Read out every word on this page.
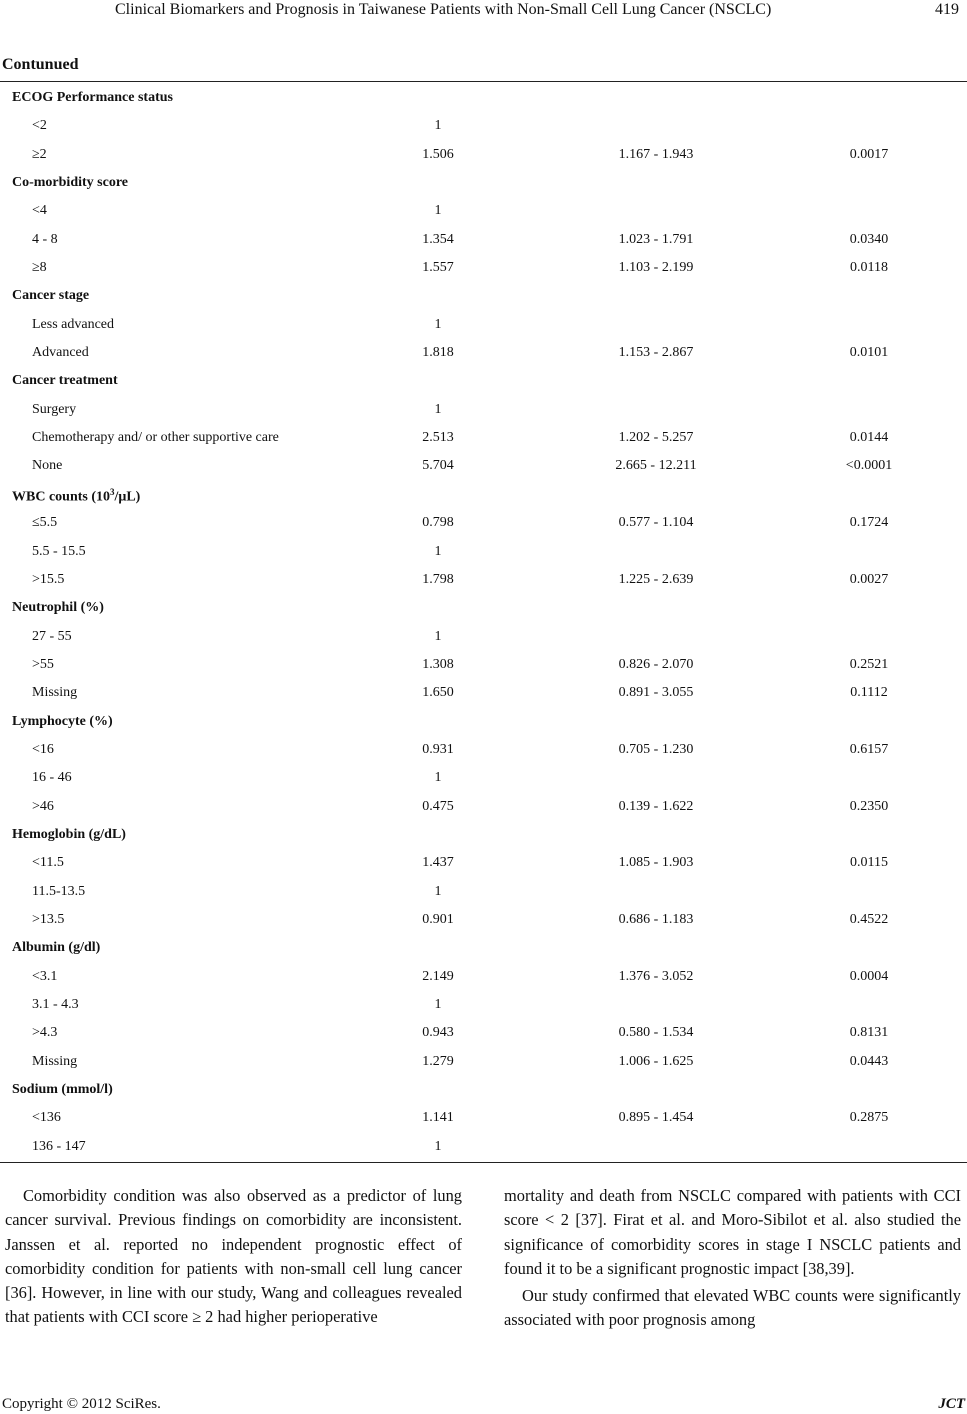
Clinical Biomarkers and Prognosis in Taiwanese Patients with Non-Small Cell Lung Cancer (NSCLC)	419
Contunued
ECOG Performance status
<2	1
≥2	1.506	1.167 - 1.943	0.0017
Co-morbidity score
<4	1
4 - 8	1.354	1.023 - 1.791	0.0340
≥8	1.557	1.103 - 2.199	0.0118
Cancer stage
Less advanced	1
Advanced	1.818	1.153 - 2.867	0.0101
Cancer treatment
Surgery	1
Chemotherapy and/ or other supportive care	2.513	1.202 - 5.257	0.0144
None	5.704	2.665 - 12.211	<0.0001
WBC counts $(10^3/\mu L)$
≤5.5	0.798	0.577 - 1.104	0.1724
5.5 - 15.5	1
>15.5	1.798	1.225 - 2.639	0.0027
Neutrophil (%)
27 - 55	1
>55	1.308	0.826 - 2.070	0.2521
Missing	1.650	0.891 - 3.055	0.1112
Lymphocyte (%)
<16	0.931	0.705 - 1.230	0.6157
16 - 46	1
>46	0.475	0.139 - 1.622	0.2350
Hemoglobin (g/dL)
<11.5	1.437	1.085 - 1.903	0.0115
11.5-13.5	1
>13.5	0.901	0.686 - 1.183	0.4522
Albumin (g/dl)
<3.1	2.149	1.376 - 3.052	0.0004
3.1 - 4.3	1
>4.3	0.943	0.580 - 1.534	0.8131
Missing	1.279	1.006 - 1.625	0.0443
Sodium (mmol/l)
<136	1.141	0.895 - 1.454	0.2875
136 - 147	1

Comorbidity condition was also observed as a predictor of lung cancer survival. Previous findings on comorbidity are inconsistent. Janssen et al. reported no independent prognostic effect of comorbidity condition for patients with non-small cell lung cancer [36]. However, in line with our study, Wang and colleagues revealed that patients with CCI score ≥ 2 had higher perioperative

mortality and death from NSCLC compared with patients with CCI score < 2 [37]. Firat et al. and Moro-Sibilot et al. also studied the significance of comorbidity scores in stage I NSCLC patients and found it to be a significant prognostic impact [38,39].

Our study confirmed that elevated WBC counts were significantly associated with poor prognosis among

Copyright © 2012 SciRes.	JCT
